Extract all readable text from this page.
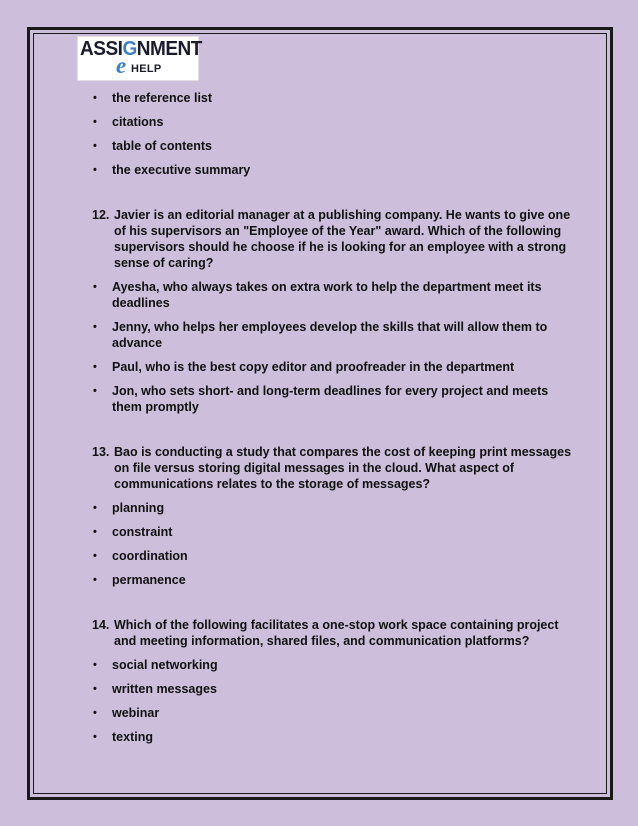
ASSIGNMENT
e HELP
• the reference list
• citations
• table of contents
• the executive summary
12. Javier is an editorial manager at a publishing company. He wants to give one of his supervisors an "Employee of the Year" award. Which of the following supervisors should he choose if he is looking for an employee with a strong sense of caring?
• Ayesha, who always takes on extra work to help the department meet its deadlines
• Jenny, who helps her employees develop the skills that will allow them to advance
• Paul, who is the best copy editor and proofreader in the department
• Jon, who sets short- and long-term deadlines for every project and meets them promptly
13. Bao is conducting a study that compares the cost of keeping print messages on file versus storing digital messages in the cloud. What aspect of communications relates to the storage of messages?
• planning
• constraint
• coordination
• permanence
14. Which of the following facilitates a one-stop work space containing project and meeting information, shared files, and communication platforms?
• social networking
• written messages
• webinar
• texting
